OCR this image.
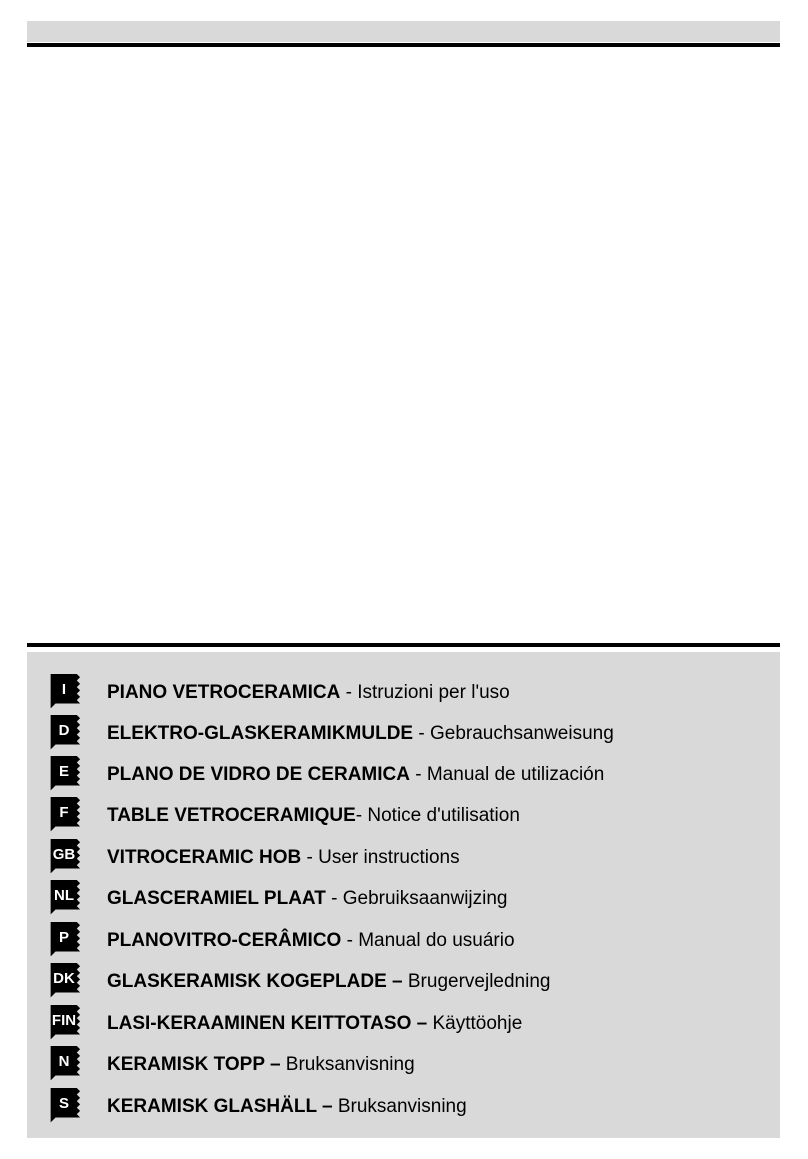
I	PIANO VETROCERAMICA - Istruzioni per l'uso
D	ELEKTRO-GLASKERAMIKMULDE - Gebrauchsanweisung
E	PLANO DE VIDRO DE CERAMICA - Manual de utilización
F	TABLE VETROCERAMIQUE- Notice d'utilisation
GB	VITROCERAMIC HOB - User instructions
NL	GLASCERAMIEL PLAAT - Gebruiksaanwijzing
P	PLANOVITRO-CERÂMICO - Manual do usuário
DK	GLASKERAMISK KOGEPLADE – Brugervejledning
FIN	LASI-KERAAMINEN KEITTOTASO – Käyttöohje
N	KERAMISK TOPP – Bruksanvisning
S	KERAMISK GLASHÄLL – Bruksanvisning
